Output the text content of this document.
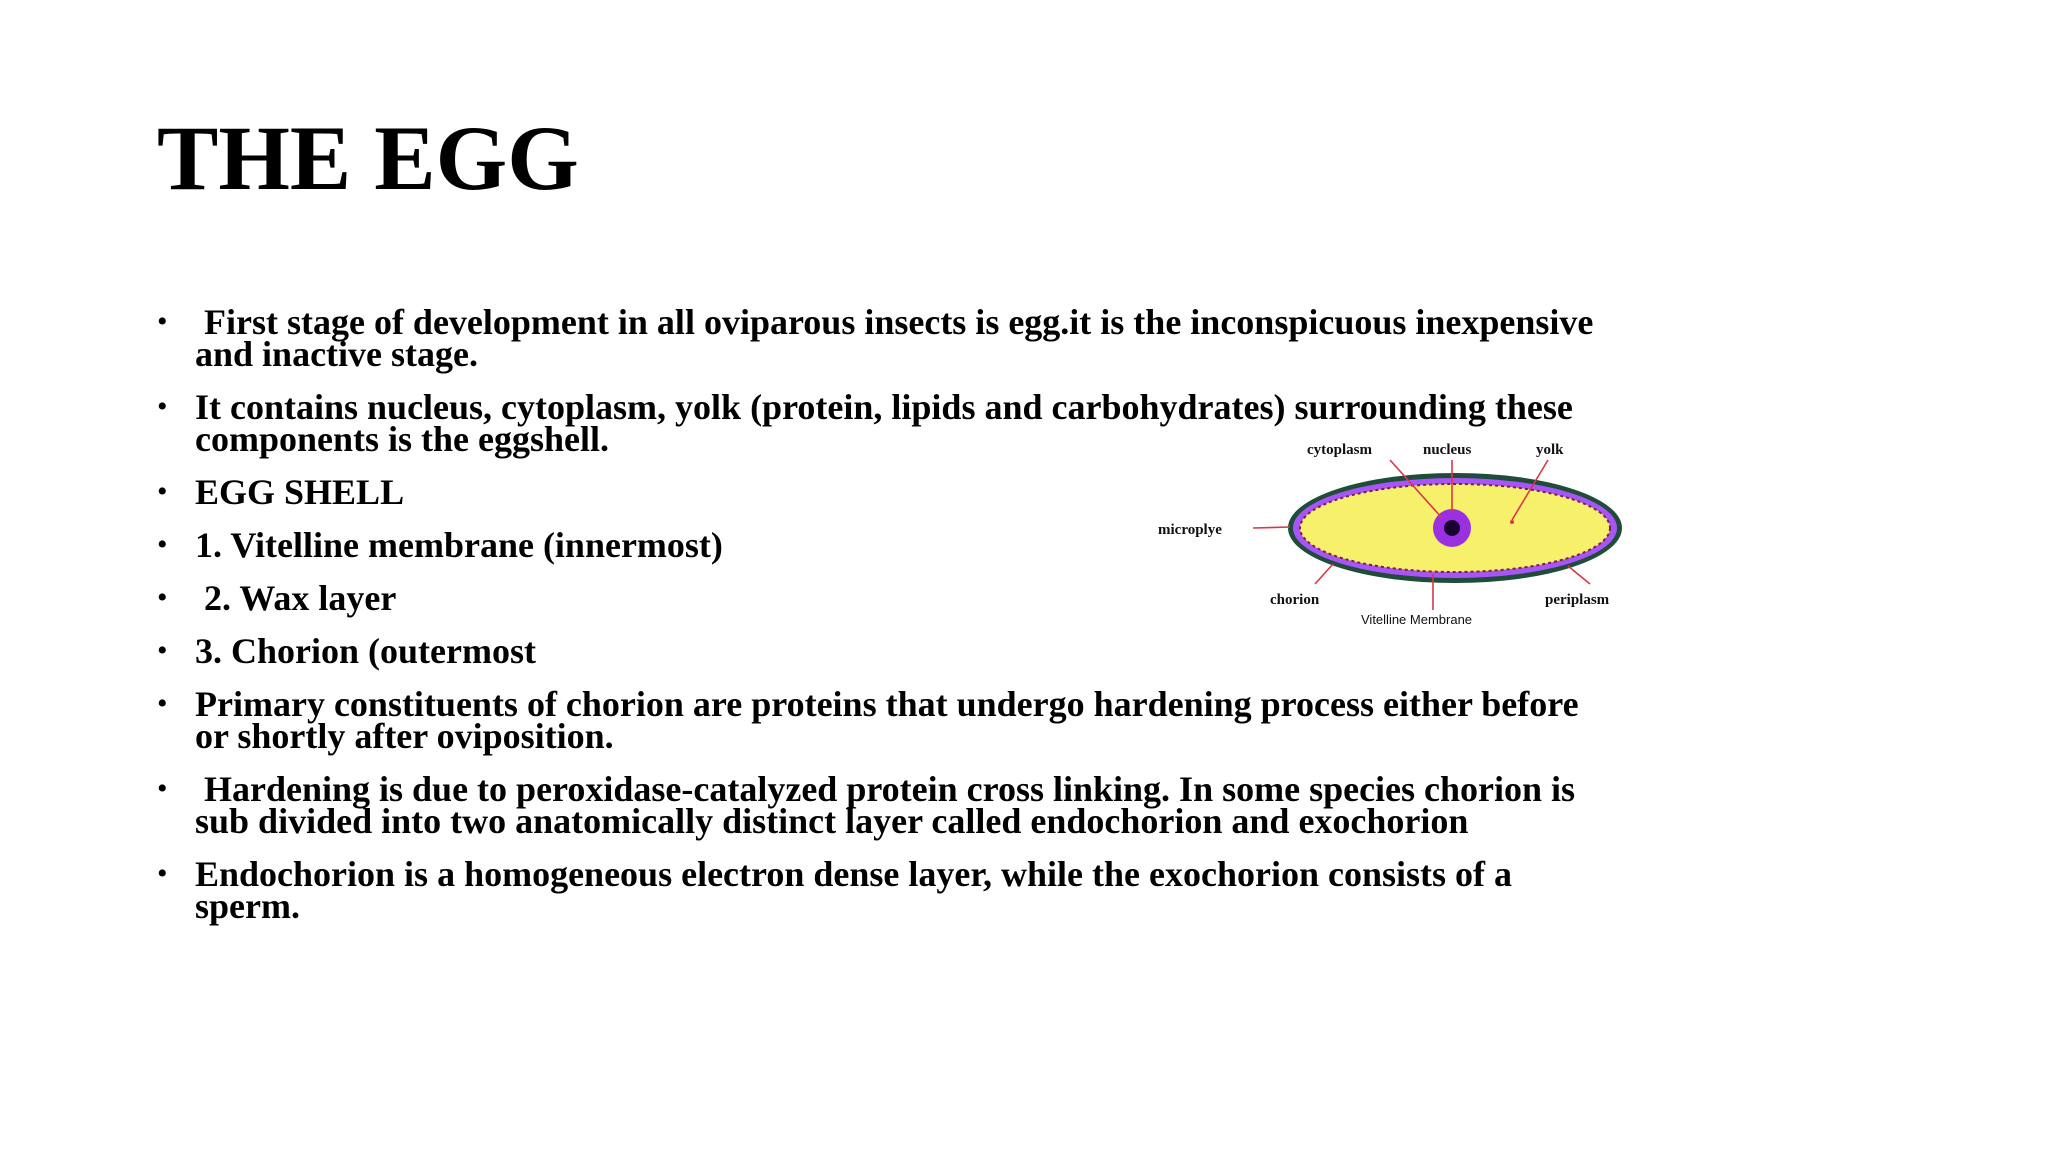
THE EGG
• First stage of development in all oviparous insects is egg.it is the inconspicuous inexpensive and inactive stage.
• It contains nucleus, cytoplasm, yolk (protein, lipids and carbohydrates) surrounding these components is the eggshell.
• EGG SHELL
• 1. Vitelline membrane (innermost)
• 2. Wax layer
• 3. Chorion (outermost
• Primary constituents of chorion are proteins that undergo hardening process either before or shortly after oviposition.
• Hardening is due to peroxidase-catalyzed protein cross linking. In some species chorion is sub divided into two anatomically distinct layer called endochorion and exochorion
• Endochorion is a homogeneous electron dense layer, while the exochorion consists of a sperm.
cytoplasm	nucleus	yolk
microplye
chorion	periplasm
Vitelline Membrane
